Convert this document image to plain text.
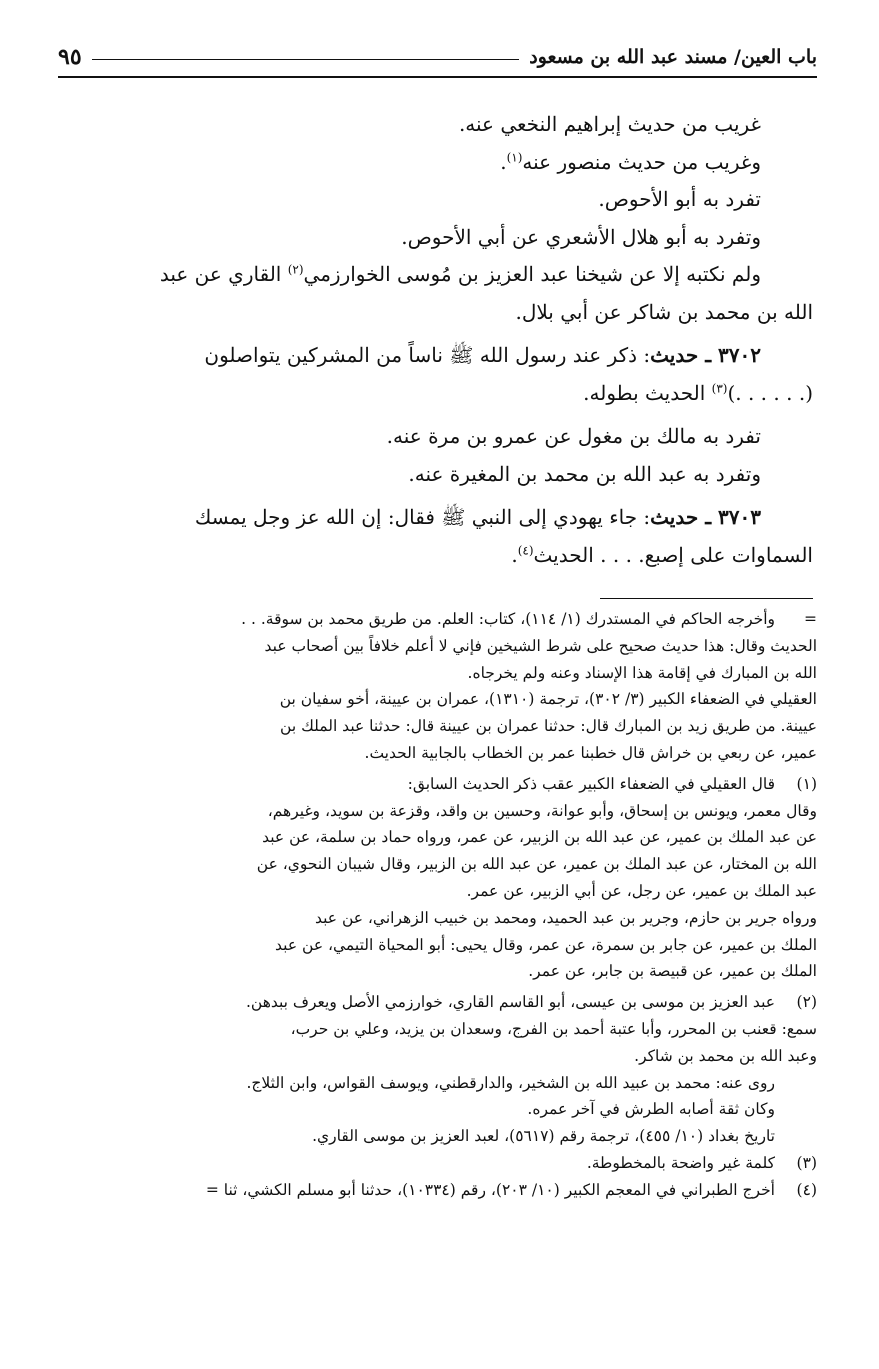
باب العين/ مسند عبد الله بن مسعود
٩٥

غريب من حديث إبراهيم النخعي عنه.

وغريب من حديث منصور عنه$^{(١)}$.

تفرد به أبو الأحوص.

وتفرد به أبو هلال الأشعري عن أبي الأحوص.

ولم نكتبه إلا عن شيخنا عبد العزيز بن مُوسى الخوارزمي$^{(٢)}$ القاري عن عبد

الله بن محمد بن شاكر عن أبي بلال.

٣٧٠٢ ـ حديث: ذكر عند رسول الله ﷺ ناساً من المشركين يتواصلون

(. . . . . .)$^{(٣)}$ الحديث بطوله.

تفرد به مالك بن مغول عن عمرو بن مرة عنه.

وتفرد به عبد الله بن محمد بن المغيرة عنه.

٣٧٠٣ ـ حديث: جاء يهودي إلى النبي ﷺ فقال: إن الله عز وجل يمسك

السماوات على إصبع. . . . الحديث$^{(٤)}$.

=وأخرجه الحاكم في المستدرك (١/ ١١٤)، كتاب: العلم. من طريق محمد بن سوقة. . .

الحديث وقال: هذا حديث صحيح على شرط الشيخين فإني لا أعلم خلافاً بين أصحاب عبد

الله بن المبارك في إقامة هذا الإسناد وعنه ولم يخرجاه.

العقيلي في الضعفاء الكبير (٣/ ٣٠٢)، ترجمة (١٣١٠)، عمران بن عيينة، أخو سفيان بن

عيينة. من طريق زيد بن المبارك قال: حدثنا عمران بن عيينة قال: حدثنا عبد الملك بن

عمير، عن ربعي بن خراش قال خطبنا عمر بن الخطاب بالجابية الحديث.

(١)قال العقيلي في الضعفاء الكبير عقب ذكر الحديث السابق:

وقال معمر، ويونس بن إسحاق، وأبو عوانة، وحسين بن واقد، وقزعة بن سويد، وغيرهم،

عن عبد الملك بن عمير، عن عبد الله بن الزبير، عن عمر، ورواه حماد بن سلمة، عن عبد

الله بن المختار، عن عبد الملك بن عمير، عن عبد الله بن الزبير، وقال شيبان النحوي، عن

عبد الملك بن عمير، عن رجل، عن أبي الزبير، عن عمر.

ورواه جرير بن حازم، وجرير بن عبد الحميد، ومحمد بن خبيب الزهراني، عن عبد

الملك بن عمير، عن جابر بن سمرة، عن عمر، وقال يحيى: أبو المحياة التيمي، عن عبد

الملك بن عمير، عن قبيصة بن جابر، عن عمر.

(٢)عبد العزيز بن موسى بن عيسى، أبو القاسم القاري، خوارزمي الأصل ويعرف ببدهن.

سمع: قعنب بن المحرر، وأبا عتبة أحمد بن الفرج، وسعدان بن يزيد، وعلي بن حرب،

وعبد الله بن محمد بن شاكر.

روى عنه: محمد بن عبيد الله بن الشخير، والدارقطني، ويوسف القواس، وابن الثلاج.

وكان ثقة أصابه الطرش في آخر عمره.

تاريخ بغداد (١٠/ ٤٥٥)، ترجمة رقم (٥٦١٧)، لعبد العزيز بن موسى القاري.

(٣)كلمة غير واضحة بالمخطوطة.

(٤)أخرج الطبراني في المعجم الكبير (١٠/ ٢٠٣)، رقم (١٠٣٣٤)، حدثنا أبو مسلم الكشي، ثنا =
